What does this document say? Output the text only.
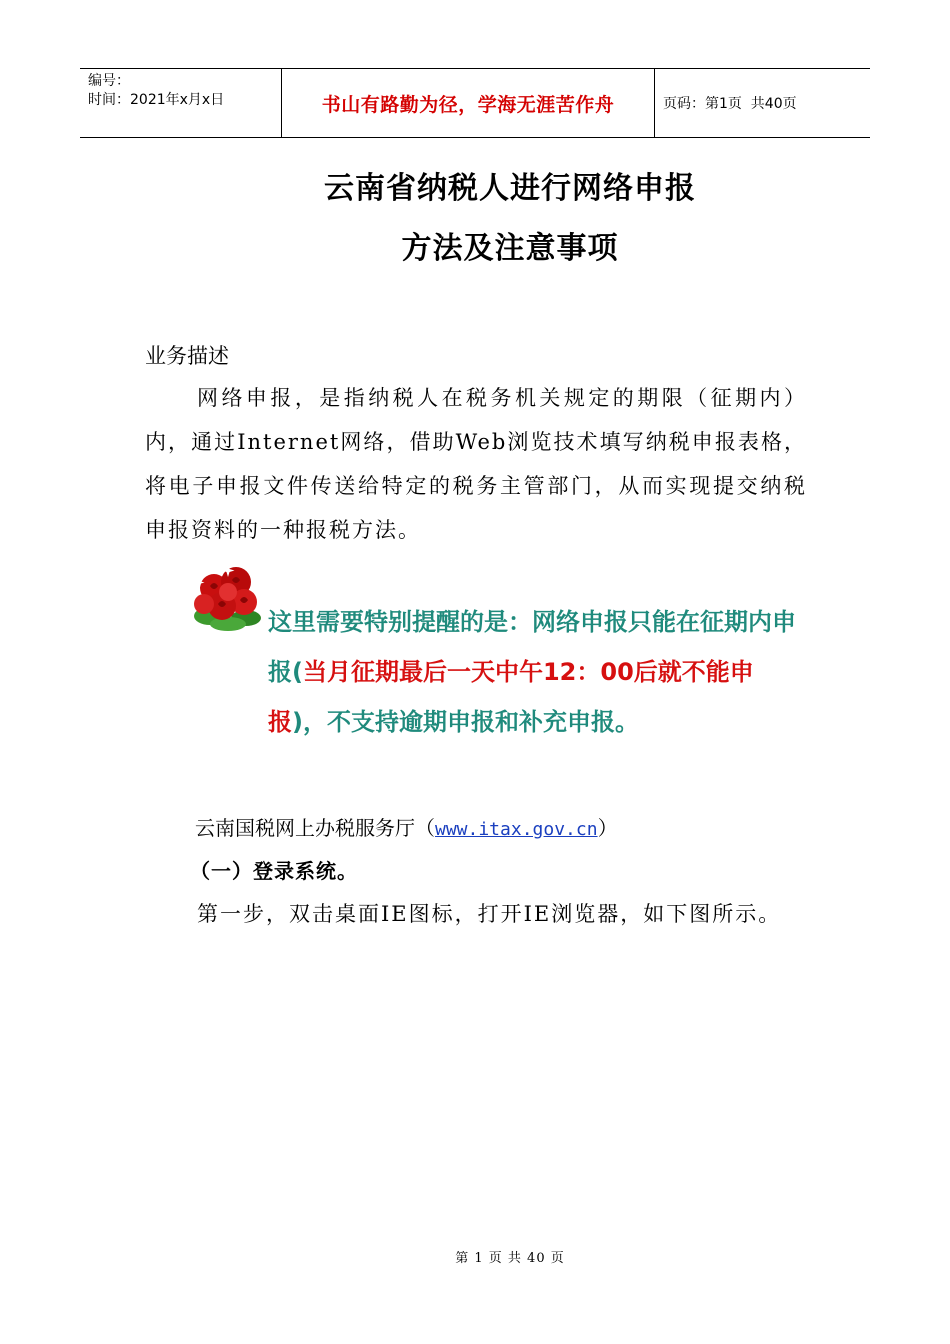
编号：
时间：2021年x月x日	书山有路勤为径，学海无涯苦作舟	页码：第1页  共40页
云南省纳税人进行网络申报
方法及注意事项
业务描述
网络申报，是指纳税人在税务机关规定的期限（征期内）内，通过Internet网络，借助Web浏览技术填写纳税申报表格，将电子申报文件传送给特定的税务主管部门，从而实现提交纳税申报资料的一种报税方法。
这里需要特别提醒的是：网络申报只能在征期内申报(当月征期最后一天中午12：00后就不能申报)，不支持逾期申报和补充申报。
云南国税网上办税服务厅（www.itax.gov.cn）
（一）登录系统。
第一步，双击桌面IE图标，打开IE浏览器，如下图所示。
第 1 页 共 40 页
